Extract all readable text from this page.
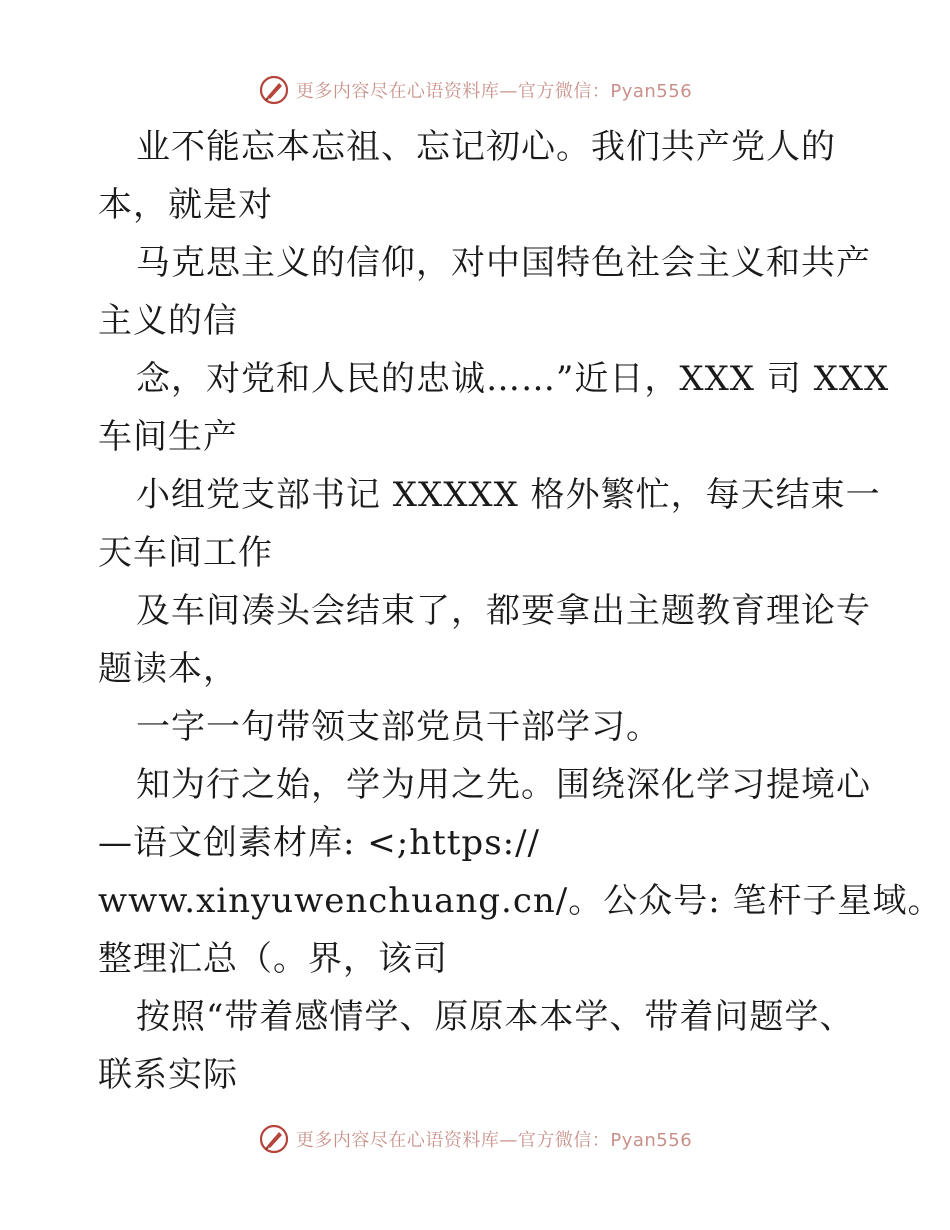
更多内容尽在心语资料库—官方微信：Pyan556
业不能忘本忘祖、忘记初心。我们共产党人的
本，就是对
马克思主义的信仰，对中国特色社会主义和共产
主义的信
念，对党和人民的忠诚……”近日，XXX 司 XXX
车间生产
小组党支部书记 XXXXX 格外繁忙，每天结束一
天车间工作
及车间凑头会结束了，都要拿出主题教育理论专
题读本，
一字一句带领支部党员干部学习。
知为行之始，学为用之先。围绕深化学习提境心
—语文创素材库: <;https://
www.xinyuwenchuang.cn/。公众号: 笔杆子星域。
整理汇总（。界，该司
按照“带着感情学、原原本本学、带着问题学、
联系实际
更多内容尽在心语资料库—官方微信：Pyan556
